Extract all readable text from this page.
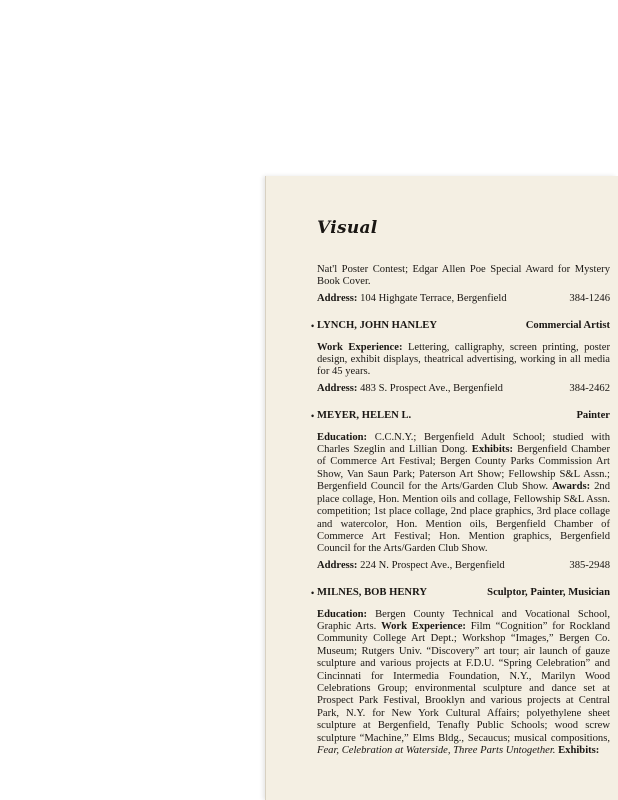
Visual

Nat'l Poster Contest; Edgar Allen Poe Special Award for Mystery Book Cover.

Address: 104 Highgate Terrace, Bergenfield	384-1246
• LYNCH, JOHN HANLEY	Commercial Artist

Work Experience: Lettering, calligraphy, screen printing, poster design, exhibit displays, theatrical advertising, working in all media for 45 years.

Address: 483 S. Prospect Ave., Bergenfield	384-2462
• MEYER, HELEN L.	Painter

Education: C.C.N.Y.; Bergenfield Adult School; studied with Charles Szeglin and Lillian Dong. Exhibits: Bergenfield Chamber of Commerce Art Festival; Bergen County Parks Commission Art Show, Van Saun Park; Paterson Art Show; Fellowship S&L Assn.; Bergenfield Council for the Arts/Garden Club Show. Awards: 2nd place collage, Hon. Mention oils and collage, Fellowship S&L Assn. competition; 1st place collage, 2nd place graphics, 3rd place collage and watercolor, Hon. Mention oils, Bergenfield Chamber of Commerce Art Festival; Hon. Mention graphics, Bergenfield Council for the Arts/Garden Club Show.

Address: 224 N. Prospect Ave., Bergenfield	385-2948
• MILNES, BOB HENRY	Sculptor, Painter, Musician

Education: Bergen County Technical and Vocational School, Graphic Arts. Work Experience: Film “Cognition” for Rockland Community College Art Dept.; Workshop “Images,” Bergen Co. Museum; Rutgers Univ. “Discovery” art tour; air launch of gauze sculpture and various projects at F.D.U. “Spring Celebration” and Cincinnati for Intermedia Foundation, N.Y., Marilyn Wood Celebrations Group; environmental sculpture and dance set at Prospect Park Festival, Brooklyn and various projects at Central Park, N.Y. for New York Cultural Affairs; polyethylene sheet sculpture at Bergenfield, Tenafly Public Schools; wood screw sculpture “Machine,” Elms Bldg., Secaucus; musical compositions, Fear, Celebration at Waterside, Three Parts Untogether. Exhibits:
